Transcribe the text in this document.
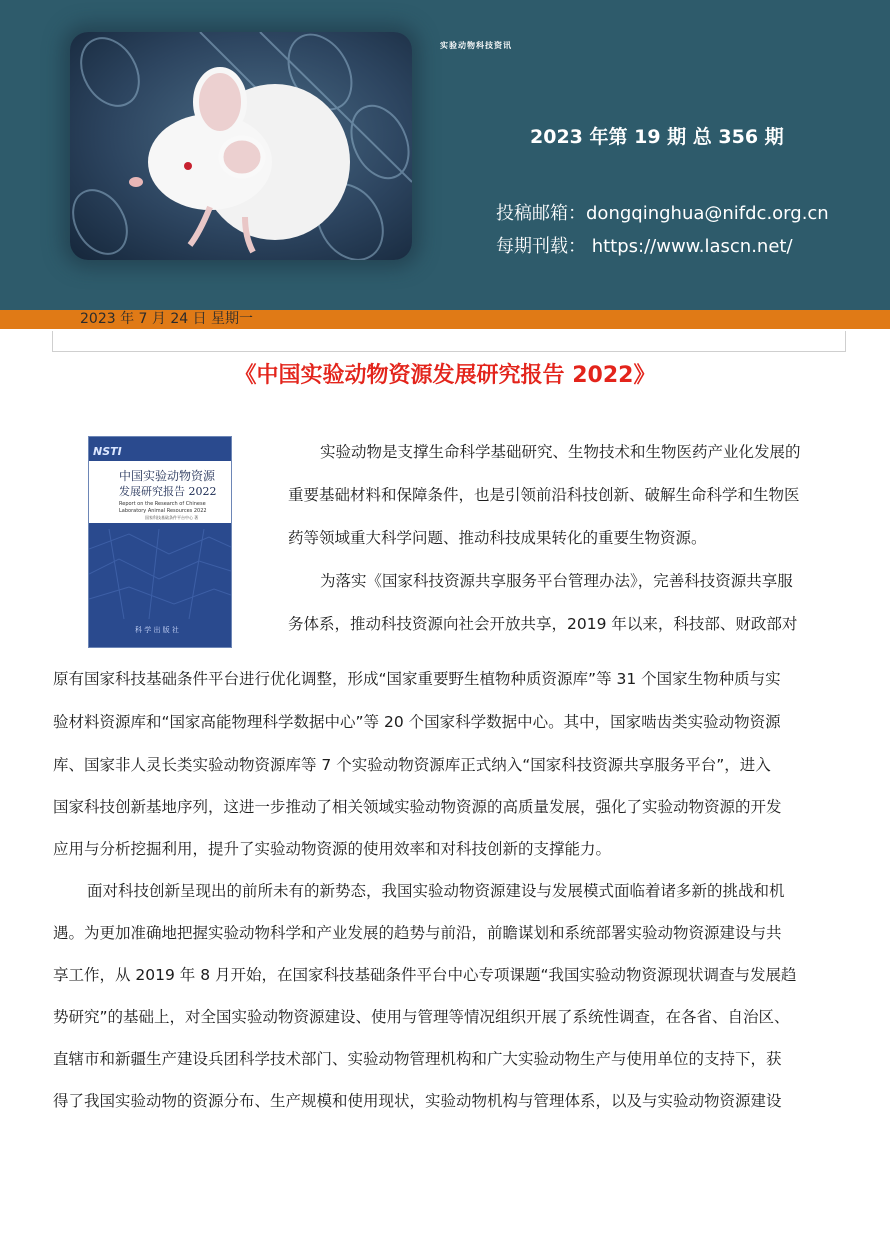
实验动物科技资讯
2023 年第 19 期 总 356 期
投稿邮箱：dongqinghua@nifdc.org.cn
每期刊载： https://www.lascn.net/
2023 年 7 月 24 日 星期一
《中国实验动物资源发展研究报告 2022》
NSTI
中国实验动物资源
发展研究报告 2022
Report on the Research of Chinese
Laboratory Animal Resources 2022
国家科技基础条件平台中心 著
科 学 出 版 社
实验动物是支撑生命科学基础研究、生物技术和生物医药产业化发展的
重要基础材料和保障条件，也是引领前沿科技创新、破解生命科学和生物医
药等领域重大科学问题、推动科技成果转化的重要生物资源。
为落实《国家科技资源共享服务平台管理办法》，完善科技资源共享服
务体系，推动科技资源向社会开放共享，2019 年以来，科技部、财政部对
原有国家科技基础条件平台进行优化调整，形成“国家重要野生植物种质资源库”等 31 个国家生物种质与实
验材料资源库和“国家高能物理科学数据中心”等 20 个国家科学数据中心。其中，国家啮齿类实验动物资源
库、国家非人灵长类实验动物资源库等 7 个实验动物资源库正式纳入“国家科技资源共享服务平台”，进入
国家科技创新基地序列，这进一步推动了相关领域实验动物资源的高质量发展，强化了实验动物资源的开发
应用与分析挖掘利用，提升了实验动物资源的使用效率和对科技创新的支撑能力。
面对科技创新呈现出的前所未有的新势态，我国实验动物资源建设与发展模式面临着诸多新的挑战和机
遇。为更加准确地把握实验动物科学和产业发展的趋势与前沿，前瞻谋划和系统部署实验动物资源建设与共
享工作，从 2019 年 8 月开始，在国家科技基础条件平台中心专项课题“我国实验动物资源现状调查与发展趋
势研究”的基础上，对全国实验动物资源建设、使用与管理等情况组织开展了系统性调查，在各省、自治区、
直辖市和新疆生产建设兵团科学技术部门、实验动物管理机构和广大实验动物生产与使用单位的支持下，获
得了我国实验动物的资源分布、生产规模和使用现状，实验动物机构与管理体系，以及与实验动物资源建设
